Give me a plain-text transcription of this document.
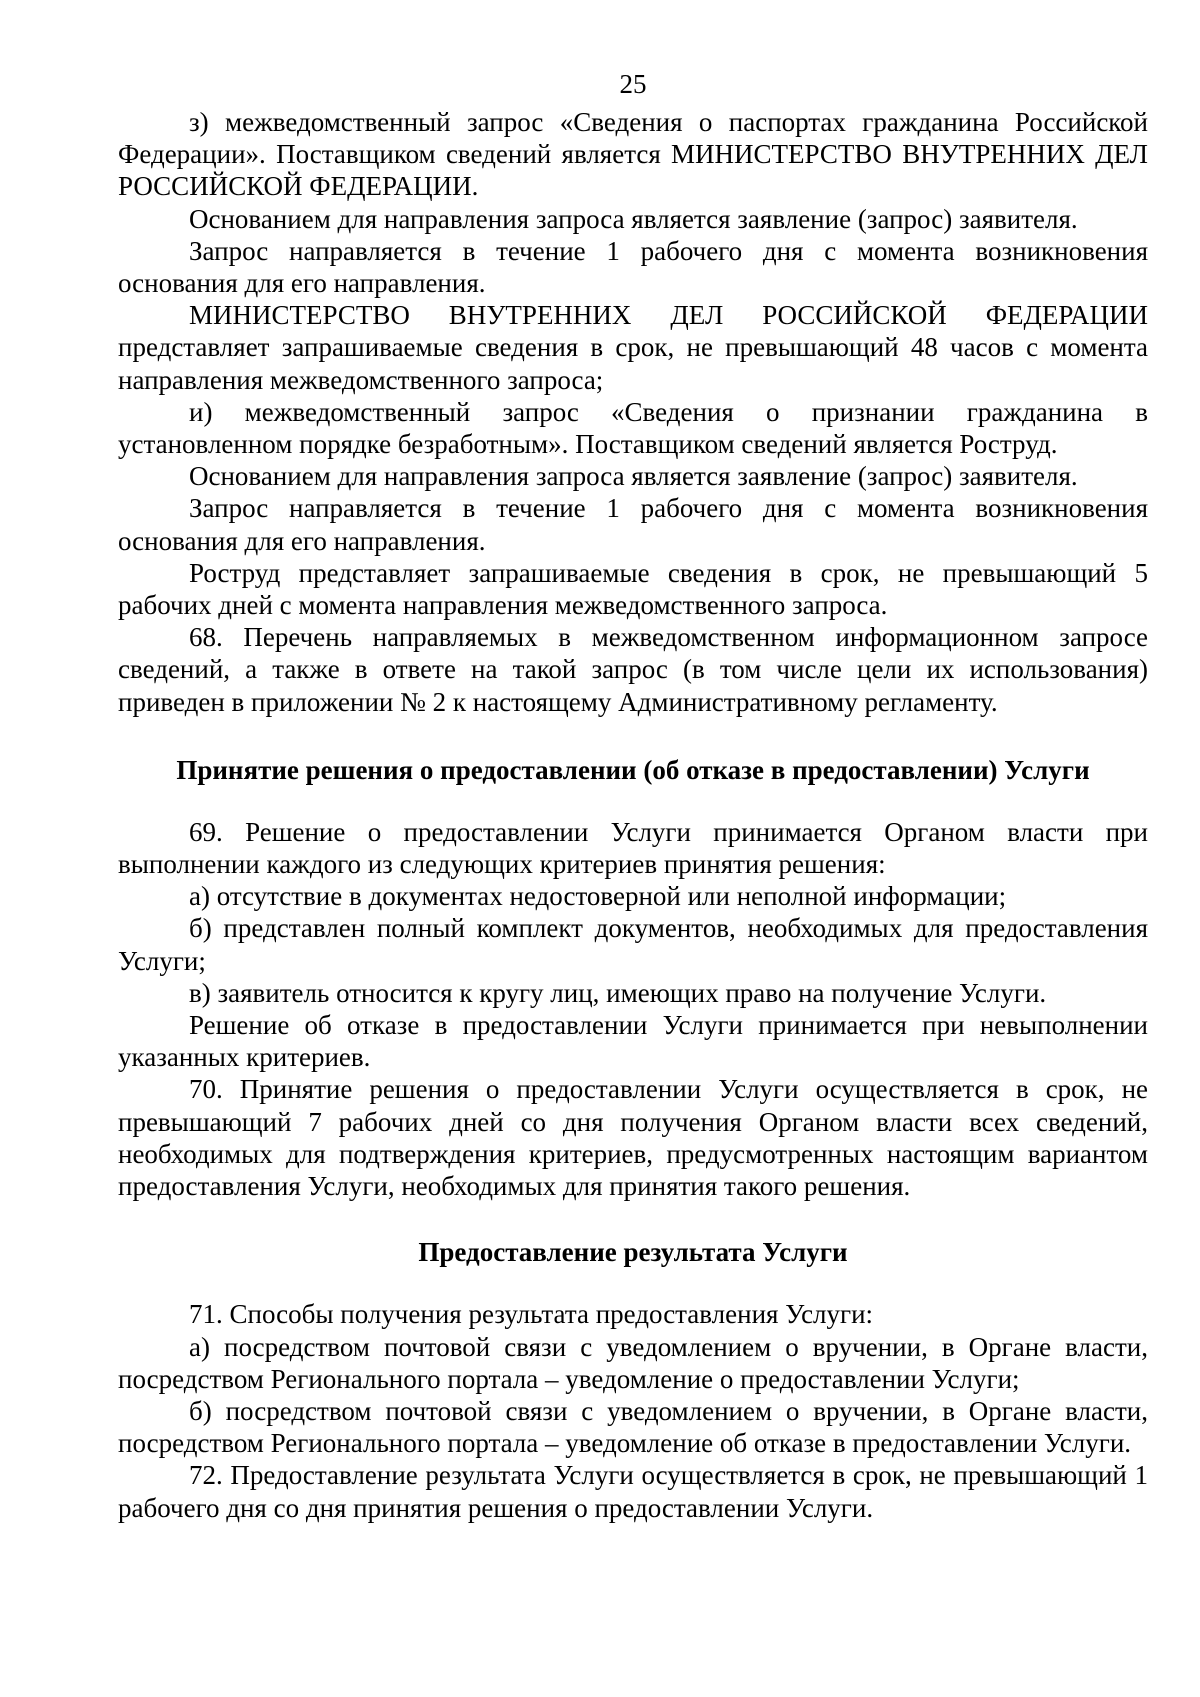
25

з) межведомственный запрос «Сведения о паспортах гражданина Российской Федерации». Поставщиком сведений является МИНИСТЕРСТВО ВНУТРЕННИХ ДЕЛ РОССИЙСКОЙ ФЕДЕРАЦИИ.

Основанием для направления запроса является заявление (запрос) заявителя.

Запрос направляется в течение 1 рабочего дня с момента возникновения основания для его направления.

МИНИСТЕРСТВО ВНУТРЕННИХ ДЕЛ РОССИЙСКОЙ ФЕДЕРАЦИИ представляет запрашиваемые сведения в срок, не превышающий 48 часов с момента направления межведомственного запроса;

и) межведомственный запрос «Сведения о признании гражданина в установленном порядке безработным». Поставщиком сведений является Роструд.

Основанием для направления запроса является заявление (запрос) заявителя.

Запрос направляется в течение 1 рабочего дня с момента возникновения основания для его направления.

Роструд представляет запрашиваемые сведения в срок, не превышающий 5 рабочих дней с момента направления межведомственного запроса.

68. Перечень направляемых в межведомственном информационном запросе сведений, а также в ответе на такой запрос (в том числе цели их использования) приведен в приложении № 2 к настоящему Административному регламенту.

Принятие решения о предоставлении (об отказе в предоставлении) Услуги

69. Решение о предоставлении Услуги принимается Органом власти при выполнении каждого из следующих критериев принятия решения:

а) отсутствие в документах недостоверной или неполной информации;

б) представлен полный комплект документов, необходимых для предоставления Услуги;

в) заявитель относится к кругу лиц, имеющих право на получение Услуги.

Решение об отказе в предоставлении Услуги принимается при невыполнении указанных критериев.

70. Принятие решения о предоставлении Услуги осуществляется в срок, не превышающий 7 рабочих дней со дня получения Органом власти всех сведений, необходимых для подтверждения критериев, предусмотренных настоящим вариантом предоставления Услуги, необходимых для принятия такого решения.

Предоставление результата Услуги

71. Способы получения результата предоставления Услуги:

а) посредством почтовой связи с уведомлением о вручении, в Органе власти, посредством Регионального портала – уведомление о предоставлении Услуги;

б) посредством почтовой связи с уведомлением о вручении, в Органе власти, посредством Регионального портала – уведомление об отказе в предоставлении Услуги.

72. Предоставление результата Услуги осуществляется в срок, не превышающий 1 рабочего дня со дня принятия решения о предоставлении Услуги.
